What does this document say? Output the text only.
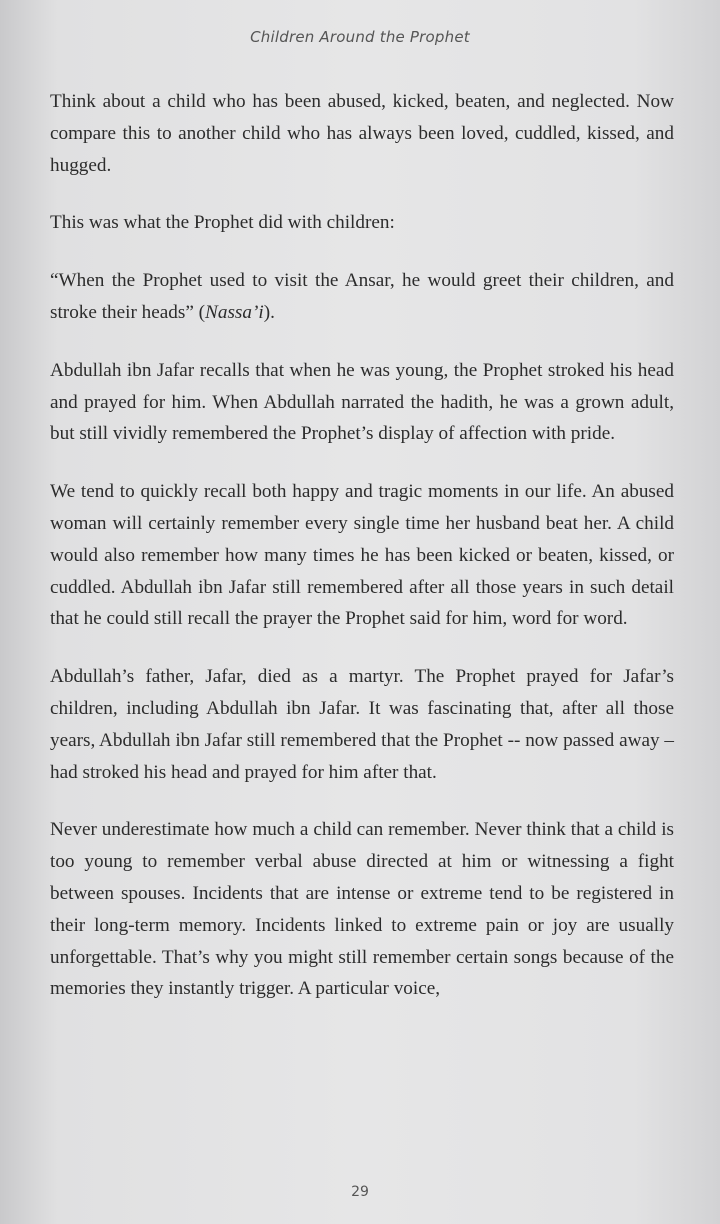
Children Around the Prophet

Think about a child who has been abused, kicked, beaten, and neglected. Now compare this to another child who has always been loved, cuddled, kissed, and hugged.

This was what the Prophet did with children:

“When the Prophet used to visit the Ansar, he would greet their children, and stroke their heads” (Nassa’i).

Abdullah ibn Jafar recalls that when he was young, the Prophet stroked his head and prayed for him. When Abdullah narrated the hadith, he was a grown adult, but still vividly remembered the Prophet’s display of affection with pride.

We tend to quickly recall both happy and tragic moments in our life. An abused woman will certainly remember every single time her husband beat her. A child would also remember how many times he has been kicked or beaten, kissed, or cuddled. Abdullah ibn Jafar still remembered after all those years in such detail that he could still recall the prayer the Prophet said for him, word for word.

Abdullah’s father, Jafar, died as a martyr. The Prophet prayed for Jafar’s children, including Abdullah ibn Jafar. It was fascinating that, after all those years, Abdullah ibn Jafar still remembered that the Prophet -- now passed away – had stroked his head and prayed for him after that.

Never underestimate how much a child can remember. Never think that a child is too young to remember verbal abuse directed at him or witnessing a fight between spouses. Incidents that are intense or extreme tend to be registered in their long-term memory. Incidents linked to extreme pain or joy are usually unforgettable. That’s why you might still remember certain songs because of the memories they instantly trigger. A particular voice,

29
